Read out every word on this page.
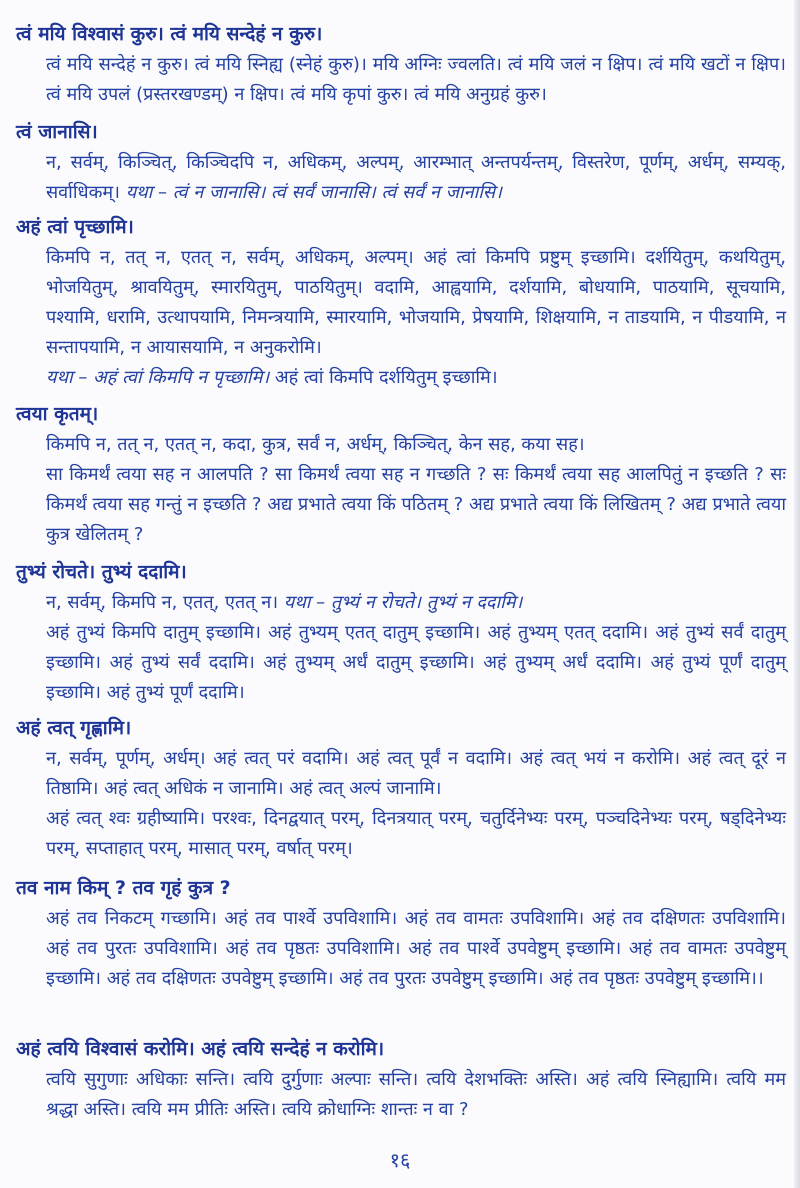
त्वं मयि विश्वासं कुरु। त्वं मयि सन्देहं न कुरु।

त्वं मयि सन्देहं न कुरु। त्वं मयि स्निह्य (स्नेहं कुरु)। मयि अग्निः ज्वलति। त्वं मयि जलं न क्षिप। त्वं मयि खटों न क्षिप। त्वं मयि उपलं (प्रस्तरखण्डम्) न क्षिप। त्वं मयि कृपां कुरु। त्वं मयि अनुग्रहं कुरु।

त्वं जानासि।

न, सर्वम्, किञ्चित्, किञ्चिदपि न, अधिकम्, अल्पम्, आरम्भात् अन्तपर्यन्तम्, विस्तरेण, पूर्णम्, अर्धम्, सम्यक्, सर्वाधिकम्। यथा – त्वं न जानासि। त्वं सर्वं जानासि। त्वं सर्वं न जानासि।

अहं त्वां पृच्छामि।

किमपि न, तत् न, एतत् न, सर्वम्, अधिकम्, अल्पम्। अहं त्वां किमपि प्रष्टुम् इच्छामि। दर्शयितुम्, कथयितुम्, भोजयितुम्, श्रावयितुम्, स्मारयितुम्, पाठयितुम्। वदामि, आह्वयामि, दर्शयामि, बोधयामि, पाठयामि, सूचयामि, पश्यामि, धरामि, उत्थापयामि, निमन्त्रयामि, स्मारयामि, भोजयामि, प्रेषयामि, शिक्षयामि, न ताडयामि, न पीडयामि, न सन्तापयामि, न आयासयामि, न अनुकरोमि।

यथा – अहं त्वां किमपि न पृच्छामि। अहं त्वां किमपि दर्शयितुम् इच्छामि।

त्वया कृतम्।

किमपि न, तत् न, एतत् न, कदा, कुत्र, सर्वं न, अर्धम्, किञ्चित्, केन सह, कया सह।

सा किमर्थं त्वया सह न आलपति ? सा किमर्थं त्वया सह न गच्छति ? सः किमर्थं त्वया सह आलपितुं न इच्छति ? सः किमर्थं त्वया सह गन्तुं न इच्छति ? अद्य प्रभाते त्वया किं पठितम् ? अद्य प्रभाते त्वया किं लिखितम् ? अद्य प्रभाते त्वया कुत्र खेलितम् ?

तुभ्यं रोचते। तुभ्यं ददामि।

न, सर्वम्, किमपि न, एतत्, एतत् न। यथा – तुभ्यं न रोचते। तुभ्यं न ददामि।

अहं तुभ्यं किमपि दातुम् इच्छामि। अहं तुभ्यम् एतत् दातुम् इच्छामि। अहं तुभ्यम् एतत् ददामि। अहं तुभ्यं सर्वं दातुम् इच्छामि। अहं तुभ्यं सर्वं ददामि। अहं तुभ्यम् अर्धं दातुम् इच्छामि। अहं तुभ्यम् अर्धं ददामि। अहं तुभ्यं पूर्णं दातुम् इच्छामि। अहं तुभ्यं पूर्णं ददामि।

अहं त्वत् गृह्णामि।

न, सर्वम्, पूर्णम्, अर्धम्। अहं त्वत् परं वदामि। अहं त्वत् पूर्वं न वदामि। अहं त्वत् भयं न करोमि। अहं त्वत् दूरं न तिष्ठामि। अहं त्वत् अधिकं न जानामि। अहं त्वत् अल्पं जानामि।

अहं त्वत् श्वः ग्रहीष्यामि। परश्वः, दिनद्वयात् परम्, दिनत्रयात् परम्, चतुर्दिनेभ्यः परम्, पञ्चदिनेभ्यः परम्, षड्दिनेभ्यः परम्, सप्ताहात् परम्, मासात् परम्, वर्षात् परम्।

तव नाम किम् ? तव गृहं कुत्र ?

अहं तव निकटम् गच्छामि। अहं तव पार्श्वे उपविशामि। अहं तव वामतः उपविशामि। अहं तव दक्षिणतः उपविशामि। अहं तव पुरतः उपविशामि। अहं तव पृष्ठतः उपविशामि। अहं तव पार्श्वे उपवेष्टुम् इच्छामि। अहं तव वामतः उपवेष्टुम् इच्छामि। अहं तव दक्षिणतः उपवेष्टुम् इच्छामि। अहं तव पुरतः उपवेष्टुम् इच्छामि। अहं तव पृष्ठतः उपवेष्टुम् इच्छामि।।

अहं त्वयि विश्वासं करोमि। अहं त्वयि सन्देहं न करोमि।

त्वयि सुगुणाः अधिकाः सन्ति। त्वयि दुर्गुणाः अल्पाः सन्ति। त्वयि देशभक्तिः अस्ति। अहं त्वयि स्निह्यामि। त्वयि मम श्रद्धा अस्ति। त्वयि मम प्रीतिः अस्ति। त्वयि क्रोधाग्निः शान्तः न वा ?

१६
